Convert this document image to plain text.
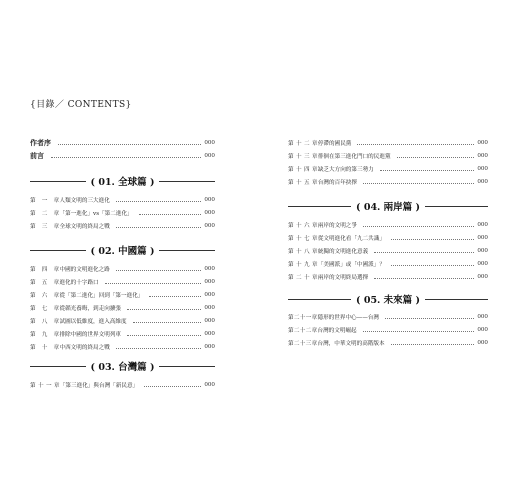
{目錄／ CONTENTS}
作者序	000
前言	000
( 01. 全球篇 )
第　一　章 人類文明的三大進化	000
第　二　章 「第一進化」vs「第二進化」	000
第　三　章 全球文明的終局之戰	000
( 02. 中國篇 )
第　四　章 中國的文明進化之路	000
第　五　章 進化的十字路口	000
第　六　章 從「第二進化」回到「第一進化」	000
第　七　章 從韜光養晦，到走向擴張	000
第　八　章 試圖以低維度，進入高維度	000
第　九　章 排除中國的世界文明列車	000
第　十　章 中西文明的終局之戰	000
( 03. 台灣篇 )
第 十 一 章 「第三進化」與台灣「新民意」	000
第 十 二 章 停滯的國民黨	000
第 十 三 章 徘徊在第三進化門口的民進黨	000
第 十 四 章 缺乏大方向的第三勢力	000
第 十 五 章 台灣的百年抉擇	000
( 04. 兩岸篇 )
第 十 六 章 兩岸的文明之爭	000
第 十 七 章 從文明進化看「九二共識」	000
第 十 八 章 統獨的文明進化意義	000
第 十 九 章 「美國派」或「中國派」？	000
第 二 十 章 兩岸的文明終局選擇	000
( 05. 未來篇 )
第二十一章 隱形的世界中心——台灣	000
第二十二章 台灣的文明崛起	000
第二十三章 台灣，中華文明的高階版本	000
